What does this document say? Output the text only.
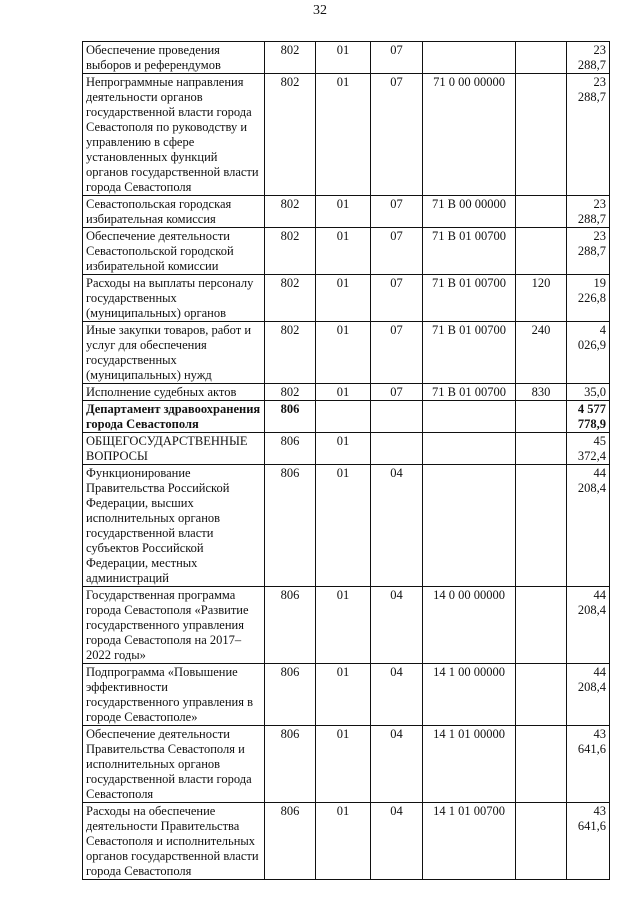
32
Обеспечение проведения выборов и референдумов	802	01	07			23 288,7
Непрограммные направления деятельности органов государственной власти города Севастополя по руководству и управлению в сфере установленных функций органов государственной власти города Севастополя	802	01	07	71 0 00 00000		23 288,7
Севастопольская городская избирательная комиссия	802	01	07	71 В 00 00000		23 288,7
Обеспечение деятельности Севастопольской городской избирательной комиссии	802	01	07	71 В 01 00700		23 288,7
Расходы на выплаты персоналу государственных (муниципальных) органов	802	01	07	71 В 01 00700	120	19 226,8
Иные закупки товаров, работ и услуг для обеспечения государственных (муниципальных) нужд	802	01	07	71 В 01 00700	240	4 026,9
Исполнение судебных актов	802	01	07	71 В 01 00700	830	35,0
Департамент здравоохранения города Севастополя	806					4 577 778,9
ОБЩЕГОСУДАРСТВЕННЫЕ ВОПРОСЫ	806	01				45 372,4
Функционирование Правительства Российской Федерации, высших исполнительных органов государственной власти субъектов Российской Федерации, местных администраций	806	01	04			44 208,4
Государственная программа города Севастополя «Развитие государственного управления города Севастополя на 2017–2022 годы»	806	01	04	14 0 00 00000		44 208,4
Подпрограмма «Повышение эффективности государственного управления в городе Севастополе»	806	01	04	14 1 00 00000		44 208,4
Обеспечение деятельности Правительства Севастополя и исполнительных органов государственной власти города Севастополя	806	01	04	14 1 01 00000		43 641,6
Расходы на обеспечение деятельности Правительства Севастополя и исполнительных органов государственной власти города Севастополя	806	01	04	14 1 01 00700		43 641,6
